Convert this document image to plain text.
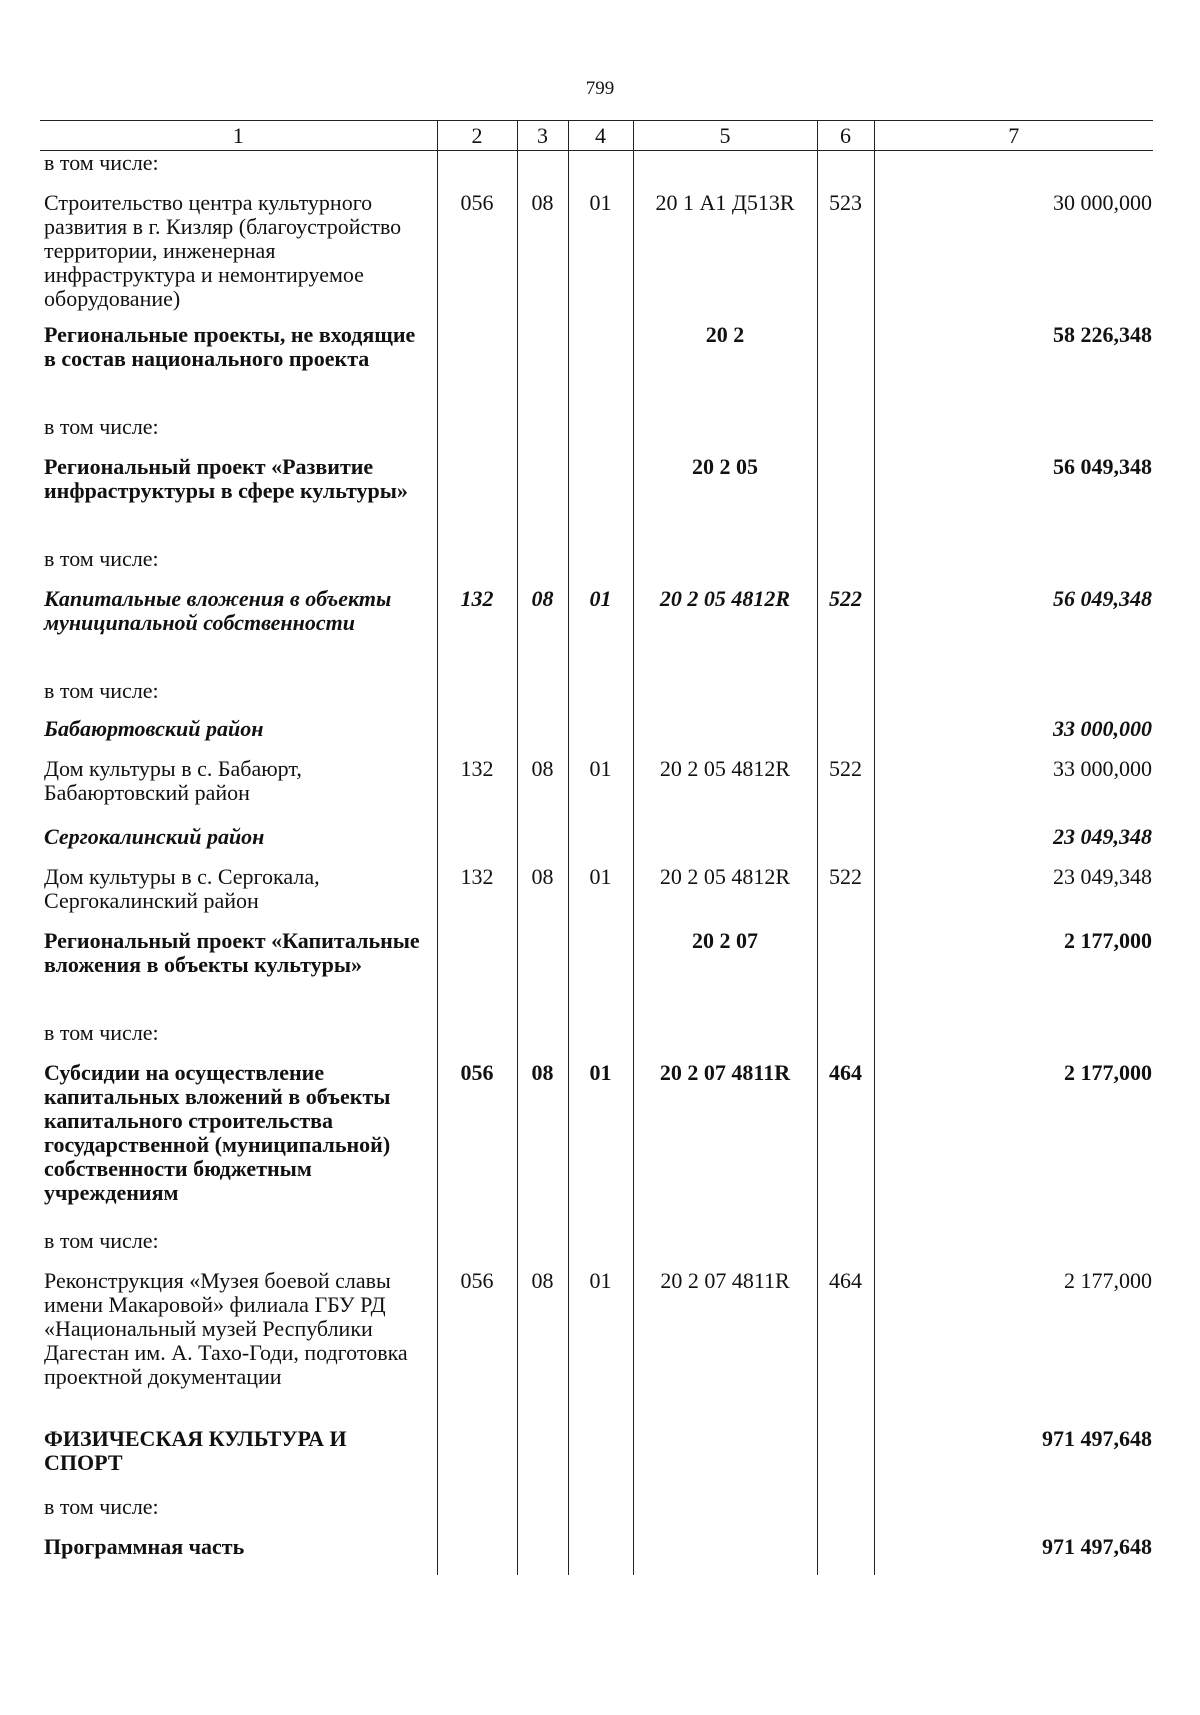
799
1	2	3	4	5	6	7
в том числе:						
Строительство центра культурного развития в г. Кизляр (благоустройство территории, инженерная инфраструктура и немонтируемое оборудование)	056	08	01	20 1 А1 Д513R	523	30 000,000
Региональные проекты, не входящие в состав национального проекта				20 2		58 226,348
в том числе:						
Региональный проект «Развитие инфраструктуры в сфере культуры»				20 2 05		56 049,348
в том числе:						
Капитальные вложения в объекты муниципальной собственности	132	08	01	20 2 05 4812R	522	56 049,348
в том числе:						
Бабаюртовский район						33 000,000
Дом культуры в с. Бабаюрт, Бабаюртовский район	132	08	01	20 2 05 4812R	522	33 000,000
Сергокалинский район						23 049,348
Дом культуры в с. Сергокала, Сергокалинский район	132	08	01	20 2 05 4812R	522	23 049,348
Региональный проект «Капитальные вложения в объекты культуры»				20 2 07		2 177,000
в том числе:						
Субсидии на осуществление капитальных вложений в объекты капитального строительства государственной (муниципальной) собственности бюджетным учреждениям	056	08	01	20 2 07 4811R	464	2 177,000
в том числе:						
Реконструкция «Музея боевой славы имени Макаровой» филиала ГБУ РД «Национальный музей Республики Дагестан им. А. Тахо-Годи, подготовка проектной документации	056	08	01	20 2 07 4811R	464	2 177,000
ФИЗИЧЕСКАЯ КУЛЬТУРА И СПОРТ						971 497,648
в том числе:						
Программная часть						971 497,648
